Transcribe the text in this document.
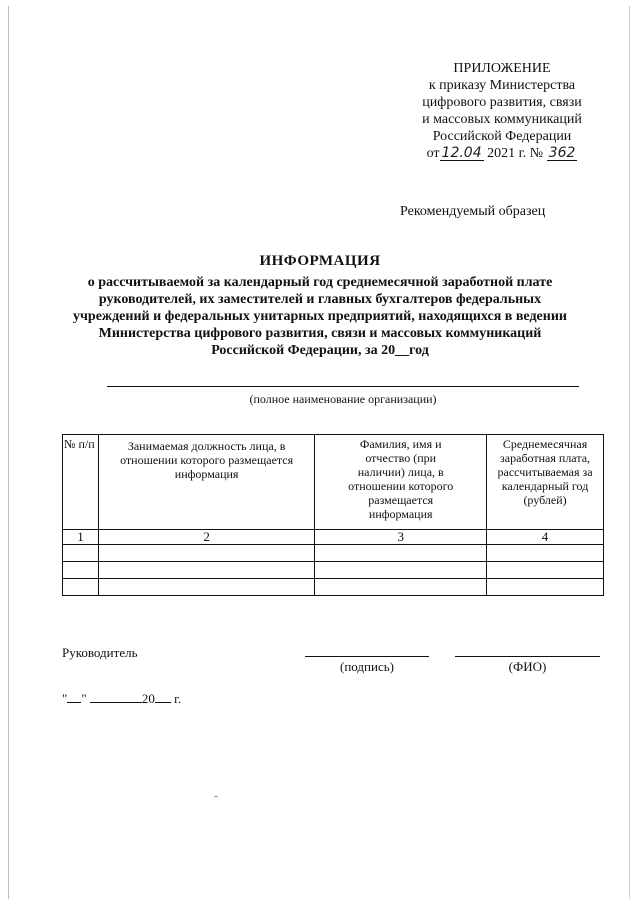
ПРИЛОЖЕНИЕ
к приказу Министерства
цифрового развития, связи
и массовых коммуникаций
Российской Федерации
от 12.04 2021 г. № 362
Рекомендуемый образец
ИНФОРМАЦИЯ
о рассчитываемой за календарный год среднемесячной заработной плате
руководителей, их заместителей и главных бухгалтеров федеральных
учреждений и федеральных унитарных предприятий, находящихся в ведении
Министерства цифрового развития, связи и массовых коммуникаций
Российской Федерации, за 20__год
(полное наименование организации)
№ п/п	Занимаемая должность лица, в отношении которого размещается информация	Фамилия, имя и отчество (при наличии) лица, в отношении которого размещается информация	Среднемесячная заработная плата, рассчитываемая за календарный год (рублей)

1	2	3	4

Руководитель
(подпись)	(ФИО)
" "	20 г.
